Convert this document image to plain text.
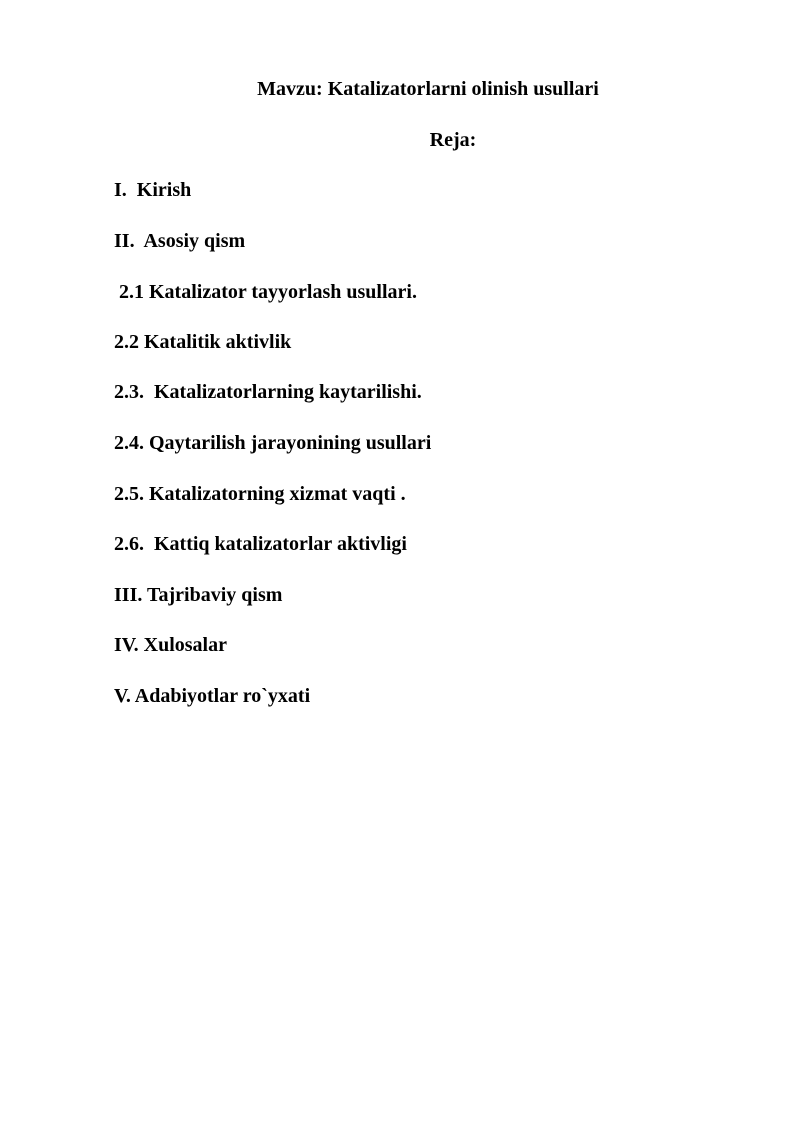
Mavzu: Katalizatorlarni olinish usullari
Reja:
I.  Kirish
II.  Asosiy qism
2.1 Katalizator tayyorlash usullari.
2.2 Katalitik aktivlik
2.3.  Katalizatorlarning kaytarilishi.
2.4. Qaytarilish jarayonining usullari
2.5. Katalizatorning xizmat vaqti .
2.6.  Kattiq katalizatorlar aktivligi
III. Tajribaviy qism
IV. Xulosalar
V. Adabiyotlar ro`yxati
